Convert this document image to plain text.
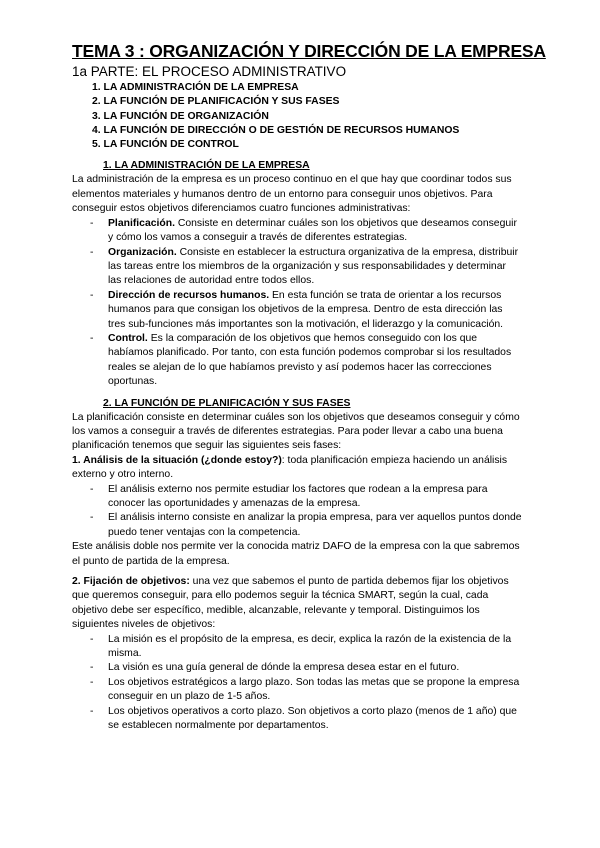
TEMA 3 : ORGANIZACIÓN Y DIRECCIÓN DE LA EMPRESA
1a PARTE: EL PROCESO ADMINISTRATIVO
1. LA ADMINISTRACIÓN DE LA EMPRESA
2. LA FUNCIÓN DE PLANIFICACIÓN Y SUS FASES
3. LA FUNCIÓN DE ORGANIZACIÓN
4. LA FUNCIÓN DE DIRECCIÓN O DE GESTIÓN DE RECURSOS HUMANOS
5. LA FUNCIÓN DE CONTROL
1. LA ADMINISTRACIÓN DE LA EMPRESA

La administración de la empresa es un proceso continuo en el que hay que coordinar todos sus elementos materiales y humanos dentro de un entorno para conseguir unos objetivos. Para conseguir estos objetivos diferenciamos cuatro funciones administrativas:

- Planificación. Consiste en determinar cuáles son los objetivos que deseamos conseguir y cómo los vamos a conseguir a través de diferentes estrategias.
- Organización. Consiste en establecer la estructura organizativa de la empresa, distribuir las tareas entre los miembros de la organización y sus responsabilidades y determinar las relaciones de autoridad entre todos ellos.
- Dirección de recursos humanos. En esta función se trata de orientar a los recursos humanos para que consigan los objetivos de la empresa. Dentro de esta dirección las tres sub-funciones más importantes son la motivación, el liderazgo y la comunicación.
- Control. Es la comparación de los objetivos que hemos conseguido con los que habíamos planificado. Por tanto, con esta función podemos comprobar si los resultados reales se alejan de lo que habíamos previsto y así podemos hacer las correcciones oportunas.
2. LA FUNCIÓN DE PLANIFICACIÓN Y SUS FASES

La planificación consiste en determinar cuáles son los objetivos que deseamos conseguir y cómo los vamos a conseguir a través de diferentes estrategias. Para poder llevar a cabo una buena planificación tenemos que seguir las siguientes seis fases:

1. Análisis de la situación (¿donde estoy?): toda planificación empieza haciendo un análisis externo y otro interno.

- El análisis externo nos permite estudiar los factores que rodean a la empresa para conocer las oportunidades y amenazas de la empresa.
- El análisis interno consiste en analizar la propia empresa, para ver aquellos puntos donde puedo tener ventajas con la competencia.

Este análisis doble nos permite ver la conocida matriz DAFO de la empresa con la que sabremos el punto de partida de la empresa.

2. Fijación de objetivos: una vez que sabemos el punto de partida debemos fijar los objetivos que queremos conseguir, para ello podemos seguir la técnica SMART, según la cual, cada objetivo debe ser específico, medible, alcanzable, relevante y temporal. Distinguimos los siguientes niveles de objetivos:

- La misión es el propósito de la empresa, es decir, explica la razón de la existencia de la misma.
- La visión es una guía general de dónde la empresa desea estar en el futuro.
- Los objetivos estratégicos a largo plazo. Son todas las metas que se propone la empresa conseguir en un plazo de 1-5 años.
- Los objetivos operativos a corto plazo. Son objetivos a corto plazo (menos de 1 año) que se establecen normalmente por departamentos.
